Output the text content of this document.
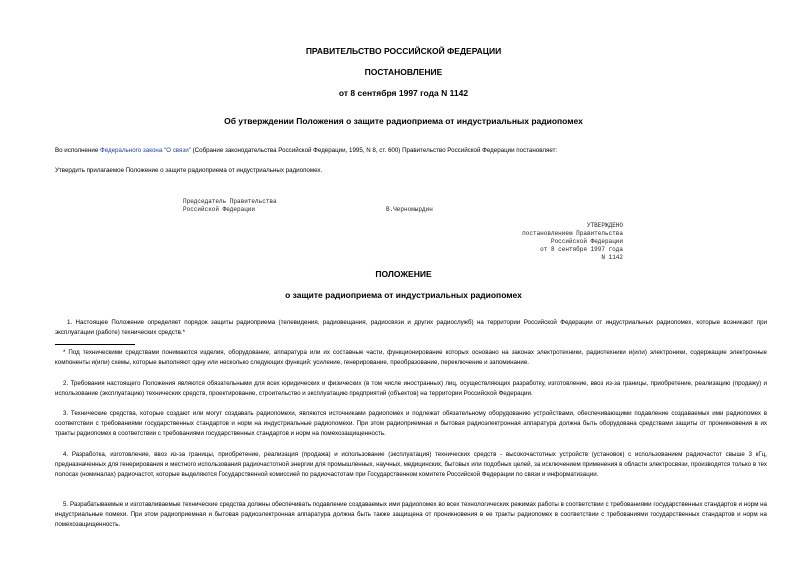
ПРАВИТЕЛЬСТВО РОССИЙСКОЙ ФЕДЕРАЦИИ
ПОСТАНОВЛЕНИЕ
от 8 сентября 1997 года N 1142
Об утверждении Положения о защите радиоприема от индустриальных радиопомех
Во исполнение Федерального закона "О связи" (Собрание законодательства Российской Федерации, 1995, N 8, ст. 600) Правительство Российской Федерации постановляет:
Утвердить прилагаемое Положение о защите радиоприема от индустриальных радиопомех.
Председатель Правительства
Российской Федерации	В.Черномырдин
УТВЕРЖДЕНО
постановлением Правительства
Российской Федерации
от 8 сентября 1997 года
N 1142
ПОЛОЖЕНИЕ
о защите радиоприема от индустриальных радиопомех
1. Настоящее Положение определяет порядок защиты радиоприема (телевидения, радиовещания, радиосвязи и других радиослужб) на территории Российской Федерации от индустриальных радиопомех, которые возникают при эксплуатации (работе) технических средств.*
* Под техническими средствами понимаются изделия, оборудование, аппаратура или их составные части, функционирование которых основано на законах электротехники, радиотехники и(или) электроники, содержащие электронные компоненты и(или) схемы, которые выполняют одну или несколько следующих функций: усиление, генерирование, преобразование, переключение и запоминание.
2. Требования настоящего Положения являются обязательными для всех юридических и физических (в том числе иностранных) лиц, осуществляющих разработку, изготовление, ввоз из-за границы, приобретение, реализацию (продажу) и использование (эксплуатацию) технических средств, проектирование, строительство и эксплуатацию предприятий (объектов) на территории Российской Федерации.
3. Технические средства, которые создают или могут создавать радиопомехи, являются источниками радиопомех и подлежат обязательному оборудованию устройствами, обеспечивающими подавление создаваемых ими радиопомех в соответствии с требованиями государственных стандартов и норм на индустриальные радиопомехи. При этом радиоприемная и бытовая радиоэлектронная аппаратура должна быть оборудована средствами защиты от проникновения в их тракты радиопомех в соответствии с требованиями государственных стандартов и норм на помехозащищенность.
4. Разработка, изготовление, ввоз из-за границы, приобретение, реализация (продажа) и использование (эксплуатация) технических средств - высокочастотных устройств (установок) с использованием радиочастот свыше 3 кГц, предназначенных для генерирования и местного использования радиочастотной энергии для промышленных, научных, медицинских, бытовых или подобных целей, за исключением применения в области электросвязи, производятся только в тех полосах (номиналах) радиочастот, которые выделяются Государственной комиссией по радиочастотам при Государственном комитете Российской Федерации по связи и информатизации.
5. Разрабатываемые и изготавливаемые технические средства должны обеспечивать подавление создаваемых ими радиопомех во всех технологических режимах работы в соответствии с требованиями государственных стандартов и норм на индустриальные помехи. При этом радиоприемная и бытовая радиоэлектронная аппаратура должна быть также защищена от проникновения в ее тракты радиопомех в соответствии с требованиями государственных стандартов и норм на помехозащищенность.
